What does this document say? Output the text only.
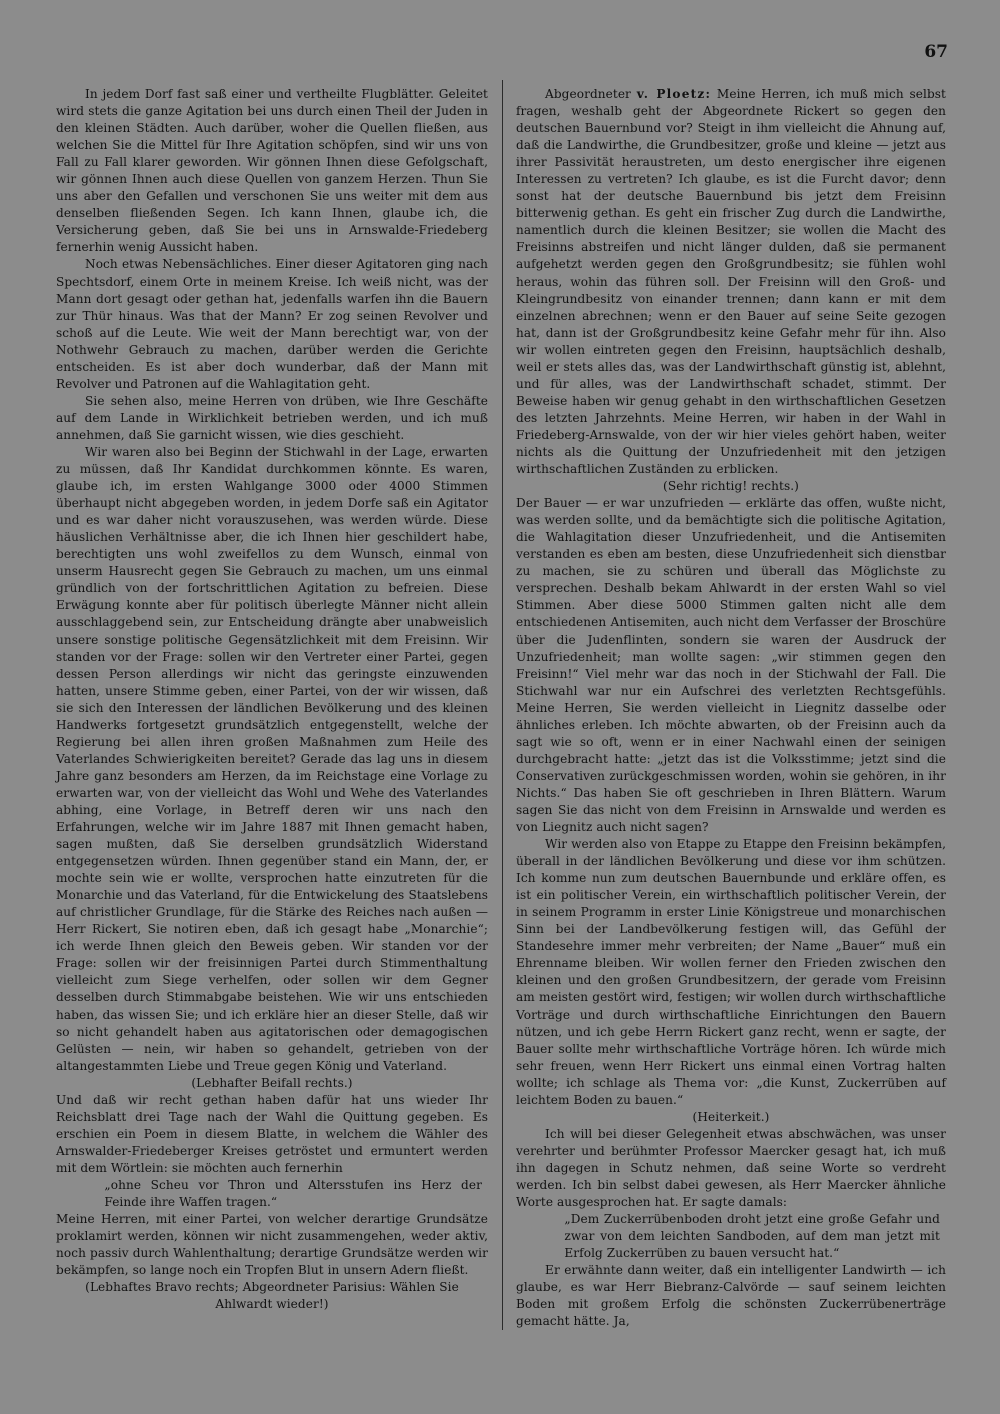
67

In jedem Dorf fast saß einer und vertheilte Flugblätter. Geleitet wird stets die ganze Agitation bei uns durch einen Theil der Juden in den kleinen Städten. Auch darüber, woher die Quellen fließen, aus welchen Sie die Mittel für Ihre Agitation schöpfen, sind wir uns von Fall zu Fall klarer geworden. Wir gönnen Ihnen diese Gefolgschaft, wir gönnen Ihnen auch diese Quellen von ganzem Herzen. Thun Sie uns aber den Gefallen und verschonen Sie uns weiter mit dem aus denselben fließenden Segen. Ich kann Ihnen, glaube ich, die Versicherung geben, daß Sie bei uns in Arnswalde-Friedeberg fernerhin wenig Aussicht haben.

Noch etwas Nebensächliches. Einer dieser Agitatoren ging nach Spechtsdorf, einem Orte in meinem Kreise. Ich weiß nicht, was der Mann dort gesagt oder gethan hat, jedenfalls warfen ihn die Bauern zur Thür hinaus. Was that der Mann? Er zog seinen Revolver und schoß auf die Leute. Wie weit der Mann berechtigt war, von der Nothwehr Gebrauch zu machen, darüber werden die Gerichte entscheiden. Es ist aber doch wunderbar, daß der Mann mit Revolver und Patronen auf die Wahlagitation geht.

Sie sehen also, meine Herren von drüben, wie Ihre Geschäfte auf dem Lande in Wirklichkeit betrieben werden, und ich muß annehmen, daß Sie garnicht wissen, wie dies geschieht.

Wir waren also bei Beginn der Stichwahl in der Lage, erwarten zu müssen, daß Ihr Kandidat durchkommen könnte. Es waren, glaube ich, im ersten Wahlgange 3000 oder 4000 Stimmen überhaupt nicht abgegeben worden, in jedem Dorfe saß ein Agitator und es war daher nicht vorauszusehen, was werden würde. Diese häuslichen Verhältnisse aber, die ich Ihnen hier geschildert habe, berechtigten uns wohl zweifellos zu dem Wunsch, einmal von unserm Hausrecht gegen Sie Gebrauch zu machen, um uns einmal gründlich von der fortschrittlichen Agitation zu befreien. Diese Erwägung konnte aber für politisch überlegte Männer nicht allein ausschlaggebend sein, zur Entscheidung drängte aber unabweislich unsere sonstige politische Gegensätzlichkeit mit dem Freisinn. Wir standen vor der Frage: sollen wir den Vertreter einer Partei, gegen dessen Person allerdings wir nicht das geringste einzuwenden hatten, unsere Stimme geben, einer Partei, von der wir wissen, daß sie sich den Interessen der ländlichen Bevölkerung und des kleinen Handwerks fortgesetzt grundsätzlich entgegenstellt, welche der Regierung bei allen ihren großen Maßnahmen zum Heile des Vaterlandes Schwierigkeiten bereitet? Gerade das lag uns in diesem Jahre ganz besonders am Herzen, da im Reichstage eine Vorlage zu erwarten war, von der vielleicht das Wohl und Wehe des Vaterlandes abhing, eine Vorlage, in Betreff deren wir uns nach den Erfahrungen, welche wir im Jahre 1887 mit Ihnen gemacht haben, sagen mußten, daß Sie derselben grundsätzlich Widerstand entgegensetzen würden. Ihnen gegenüber stand ein Mann, der, er mochte sein wie er wollte, versprochen hatte einzutreten für die Monarchie und das Vaterland, für die Entwickelung des Staatslebens auf christlicher Grundlage, für die Stärke des Reiches nach außen — Herr Rickert, Sie notiren eben, daß ich gesagt habe „Monarchie“; ich werde Ihnen gleich den Beweis geben. Wir standen vor der Frage: sollen wir der freisinnigen Partei durch Stimmenthaltung vielleicht zum Siege verhelfen, oder sollen wir dem Gegner desselben durch Stimmabgabe beistehen. Wie wir uns entschieden haben, das wissen Sie; und ich erkläre hier an dieser Stelle, daß wir so nicht gehandelt haben aus agitatorischen oder demagogischen Gelüsten — nein, wir haben so gehandelt, getrieben von der altangestammten Liebe und Treue gegen König und Vaterland.

(Lebhafter Beifall rechts.)

Und daß wir recht gethan haben dafür hat uns wieder Ihr Reichsblatt drei Tage nach der Wahl die Quittung gegeben. Es erschien ein Poem in diesem Blatte, in welchem die Wähler des Arnswalder-Friedeberger Kreises getröstet und ermuntert werden mit dem Wörtlein: sie möchten auch fernerhin

„ohne Scheu vor Thron und Altersstufen ins Herz der Feinde ihre Waffen tragen.“

Meine Herren, mit einer Partei, von welcher derartige Grundsätze proklamirt werden, können wir nicht zusammengehen, weder aktiv, noch passiv durch Wahlenthaltung; derartige Grundsätze werden wir bekämpfen, so lange noch ein Tropfen Blut in unsern Adern fließt.

(Lebhaftes Bravo rechts; Abgeordneter Parisius: Wählen Sie Ahlwardt wieder!)

Abgeordneter v. Ploetz: Meine Herren, ich muß mich selbst fragen, weshalb geht der Abgeordnete Rickert so gegen den deutschen Bauernbund vor? Steigt in ihm vielleicht die Ahnung auf, daß die Landwirthe, die Grundbesitzer, große und kleine — jetzt aus ihrer Passivität heraustreten, um desto energischer ihre eigenen Interessen zu vertreten? Ich glaube, es ist die Furcht davor; denn sonst hat der deutsche Bauernbund bis jetzt dem Freisinn bitterwenig gethan. Es geht ein frischer Zug durch die Landwirthe, namentlich durch die kleinen Besitzer; sie wollen die Macht des Freisinns abstreifen und nicht länger dulden, daß sie permanent aufgehetzt werden gegen den Großgrundbesitz; sie fühlen wohl heraus, wohin das führen soll. Der Freisinn will den Groß- und Kleingrundbesitz von einander trennen; dann kann er mit dem einzelnen abrechnen; wenn er den Bauer auf seine Seite gezogen hat, dann ist der Großgrundbesitz keine Gefahr mehr für ihn. Also wir wollen eintreten gegen den Freisinn, hauptsächlich deshalb, weil er stets alles das, was der Landwirthschaft günstig ist, ablehnt, und für alles, was der Landwirthschaft schadet, stimmt. Der Beweise haben wir genug gehabt in den wirthschaftlichen Gesetzen des letzten Jahrzehnts. Meine Herren, wir haben in der Wahl in Friedeberg-Arnswalde, von der wir hier vieles gehört haben, weiter nichts als die Quittung der Unzufriedenheit mit den jetzigen wirthschaftlichen Zuständen zu erblicken.

(Sehr richtig! rechts.)

Der Bauer — er war unzufrieden — erklärte das offen, wußte nicht, was werden sollte, und da bemächtigte sich die politische Agitation, die Wahlagitation dieser Unzufriedenheit, und die Antisemiten verstanden es eben am besten, diese Unzufriedenheit sich dienstbar zu machen, sie zu schüren und überall das Möglichste zu versprechen. Deshalb bekam Ahlwardt in der ersten Wahl so viel Stimmen. Aber diese 5000 Stimmen galten nicht alle dem entschiedenen Antisemiten, auch nicht dem Verfasser der Broschüre über die Judenflinten, sondern sie waren der Ausdruck der Unzufriedenheit; man wollte sagen: „wir stimmen gegen den Freisinn!“ Viel mehr war das noch in der Stichwahl der Fall. Die Stichwahl war nur ein Aufschrei des verletzten Rechtsgefühls. Meine Herren, Sie werden vielleicht in Liegnitz dasselbe oder ähnliches erleben. Ich möchte abwarten, ob der Freisinn auch da sagt wie so oft, wenn er in einer Nachwahl einen der seinigen durchgebracht hatte: „jetzt das ist die Volksstimme; jetzt sind die Conservativen zurückgeschmissen worden, wohin sie gehören, in ihr Nichts.“ Das haben Sie oft geschrieben in Ihren Blättern. Warum sagen Sie das nicht von dem Freisinn in Arnswalde und werden es von Liegnitz auch nicht sagen?

Wir werden also von Etappe zu Etappe den Freisinn bekämpfen, überall in der ländlichen Bevölkerung und diese vor ihm schützen. Ich komme nun zum deutschen Bauernbunde und erkläre offen, es ist ein politischer Verein, ein wirthschaftlich politischer Verein, der in seinem Programm in erster Linie Königstreue und monarchischen Sinn bei der Landbevölkerung festigen will, das Gefühl der Standesehre immer mehr verbreiten; der Name „Bauer“ muß ein Ehrenname bleiben. Wir wollen ferner den Frieden zwischen den kleinen und den großen Grundbesitzern, der gerade vom Freisinn am meisten gestört wird, festigen; wir wollen durch wirthschaftliche Vorträge und durch wirthschaftliche Einrichtungen den Bauern nützen, und ich gebe Herrn Rickert ganz recht, wenn er sagte, der Bauer sollte mehr wirthschaftliche Vorträge hören. Ich würde mich sehr freuen, wenn Herr Rickert uns einmal einen Vortrag halten wollte; ich schlage als Thema vor: „die Kunst, Zuckerrüben auf leichtem Boden zu bauen.“

(Heiterkeit.)

Ich will bei dieser Gelegenheit etwas abschwächen, was unser verehrter und berühmter Professor Maercker gesagt hat, ich muß ihn dagegen in Schutz nehmen, daß seine Worte so verdreht werden. Ich bin selbst dabei gewesen, als Herr Maercker ähnliche Worte ausgesprochen hat. Er sagte damals:

„Dem Zuckerrübenboden droht jetzt eine große Gefahr und zwar von dem leichten Sandboden, auf dem man jetzt mit Erfolg Zuckerrüben zu bauen versucht hat.“

Er erwähnte dann weiter, daß ein intelligenter Landwirth — ich glaube, es war Herr Biebranz-Calvörde — sauf seinem leichten Boden mit großem Erfolg die schönsten Zuckerrübenerträge gemacht hätte. Ja,
